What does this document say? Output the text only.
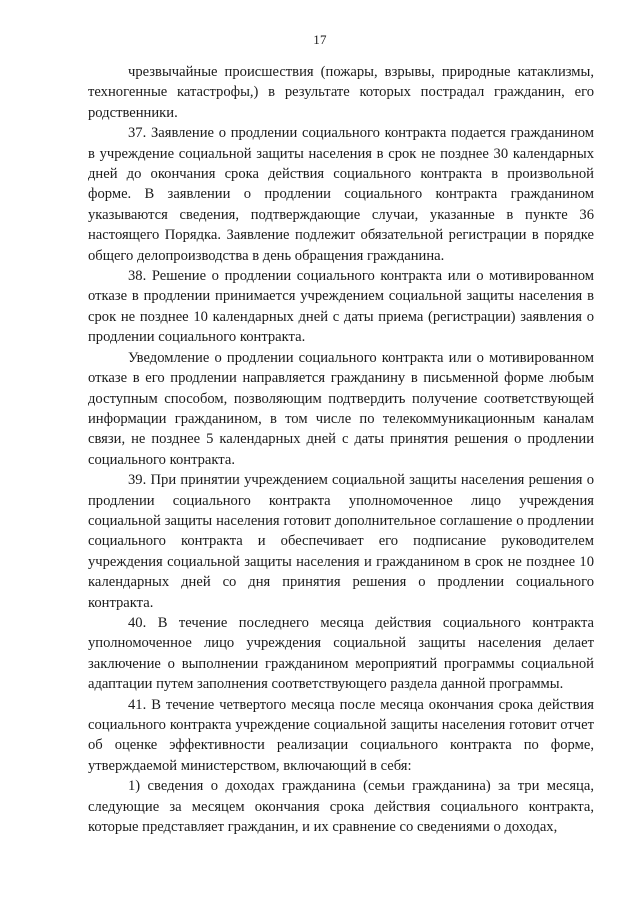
17

чрезвычайные происшествия (пожары, взрывы, природные катаклизмы, техногенные катастрофы,) в результате которых пострадал гражданин, его родственники.

37. Заявление о продлении социального контракта подается гражданином в учреждение социальной защиты населения в срок не позднее 30 календарных дней до окончания срока действия социального контракта в произвольной форме. В заявлении о продлении социального контракта гражданином указываются сведения, подтверждающие случаи, указанные в пункте 36 настоящего Порядка. Заявление подлежит обязательной регистрации в порядке общего делопроизводства в день обращения гражданина.

38. Решение о продлении социального контракта или о мотивированном отказе в продлении принимается учреждением социальной защиты населения в срок не позднее 10 календарных дней с даты приема (регистрации) заявления о продлении социального контракта.

Уведомление о продлении социального контракта или о мотивированном отказе в его продлении направляется гражданину в письменной форме любым доступным способом, позволяющим подтвердить получение соответствующей информации гражданином, в том числе по телекоммуникационным каналам связи, не позднее 5 календарных дней с даты принятия решения о продлении социального контракта.

39. При принятии учреждением социальной защиты населения решения о продлении социального контракта уполномоченное лицо учреждения социальной защиты населения готовит дополнительное соглашение о продлении социального контракта и обеспечивает его подписание руководителем учреждения социальной защиты населения и гражданином в срок не позднее 10 календарных дней со дня принятия решения о продлении социального контракта.

40. В течение последнего месяца действия социального контракта уполномоченное лицо учреждения социальной защиты населения делает заключение о выполнении гражданином мероприятий программы социальной адаптации путем заполнения соответствующего раздела данной программы.

41. В течение четвертого месяца после месяца окончания срока действия социального контракта учреждение социальной защиты населения готовит отчет об оценке эффективности реализации социального контракта по форме, утверждаемой министерством, включающий в себя:

1) сведения о доходах гражданина (семьи гражданина) за три месяца, следующие за месяцем окончания срока действия социального контракта, которые представляет гражданин, и их сравнение со сведениями о доходах,
